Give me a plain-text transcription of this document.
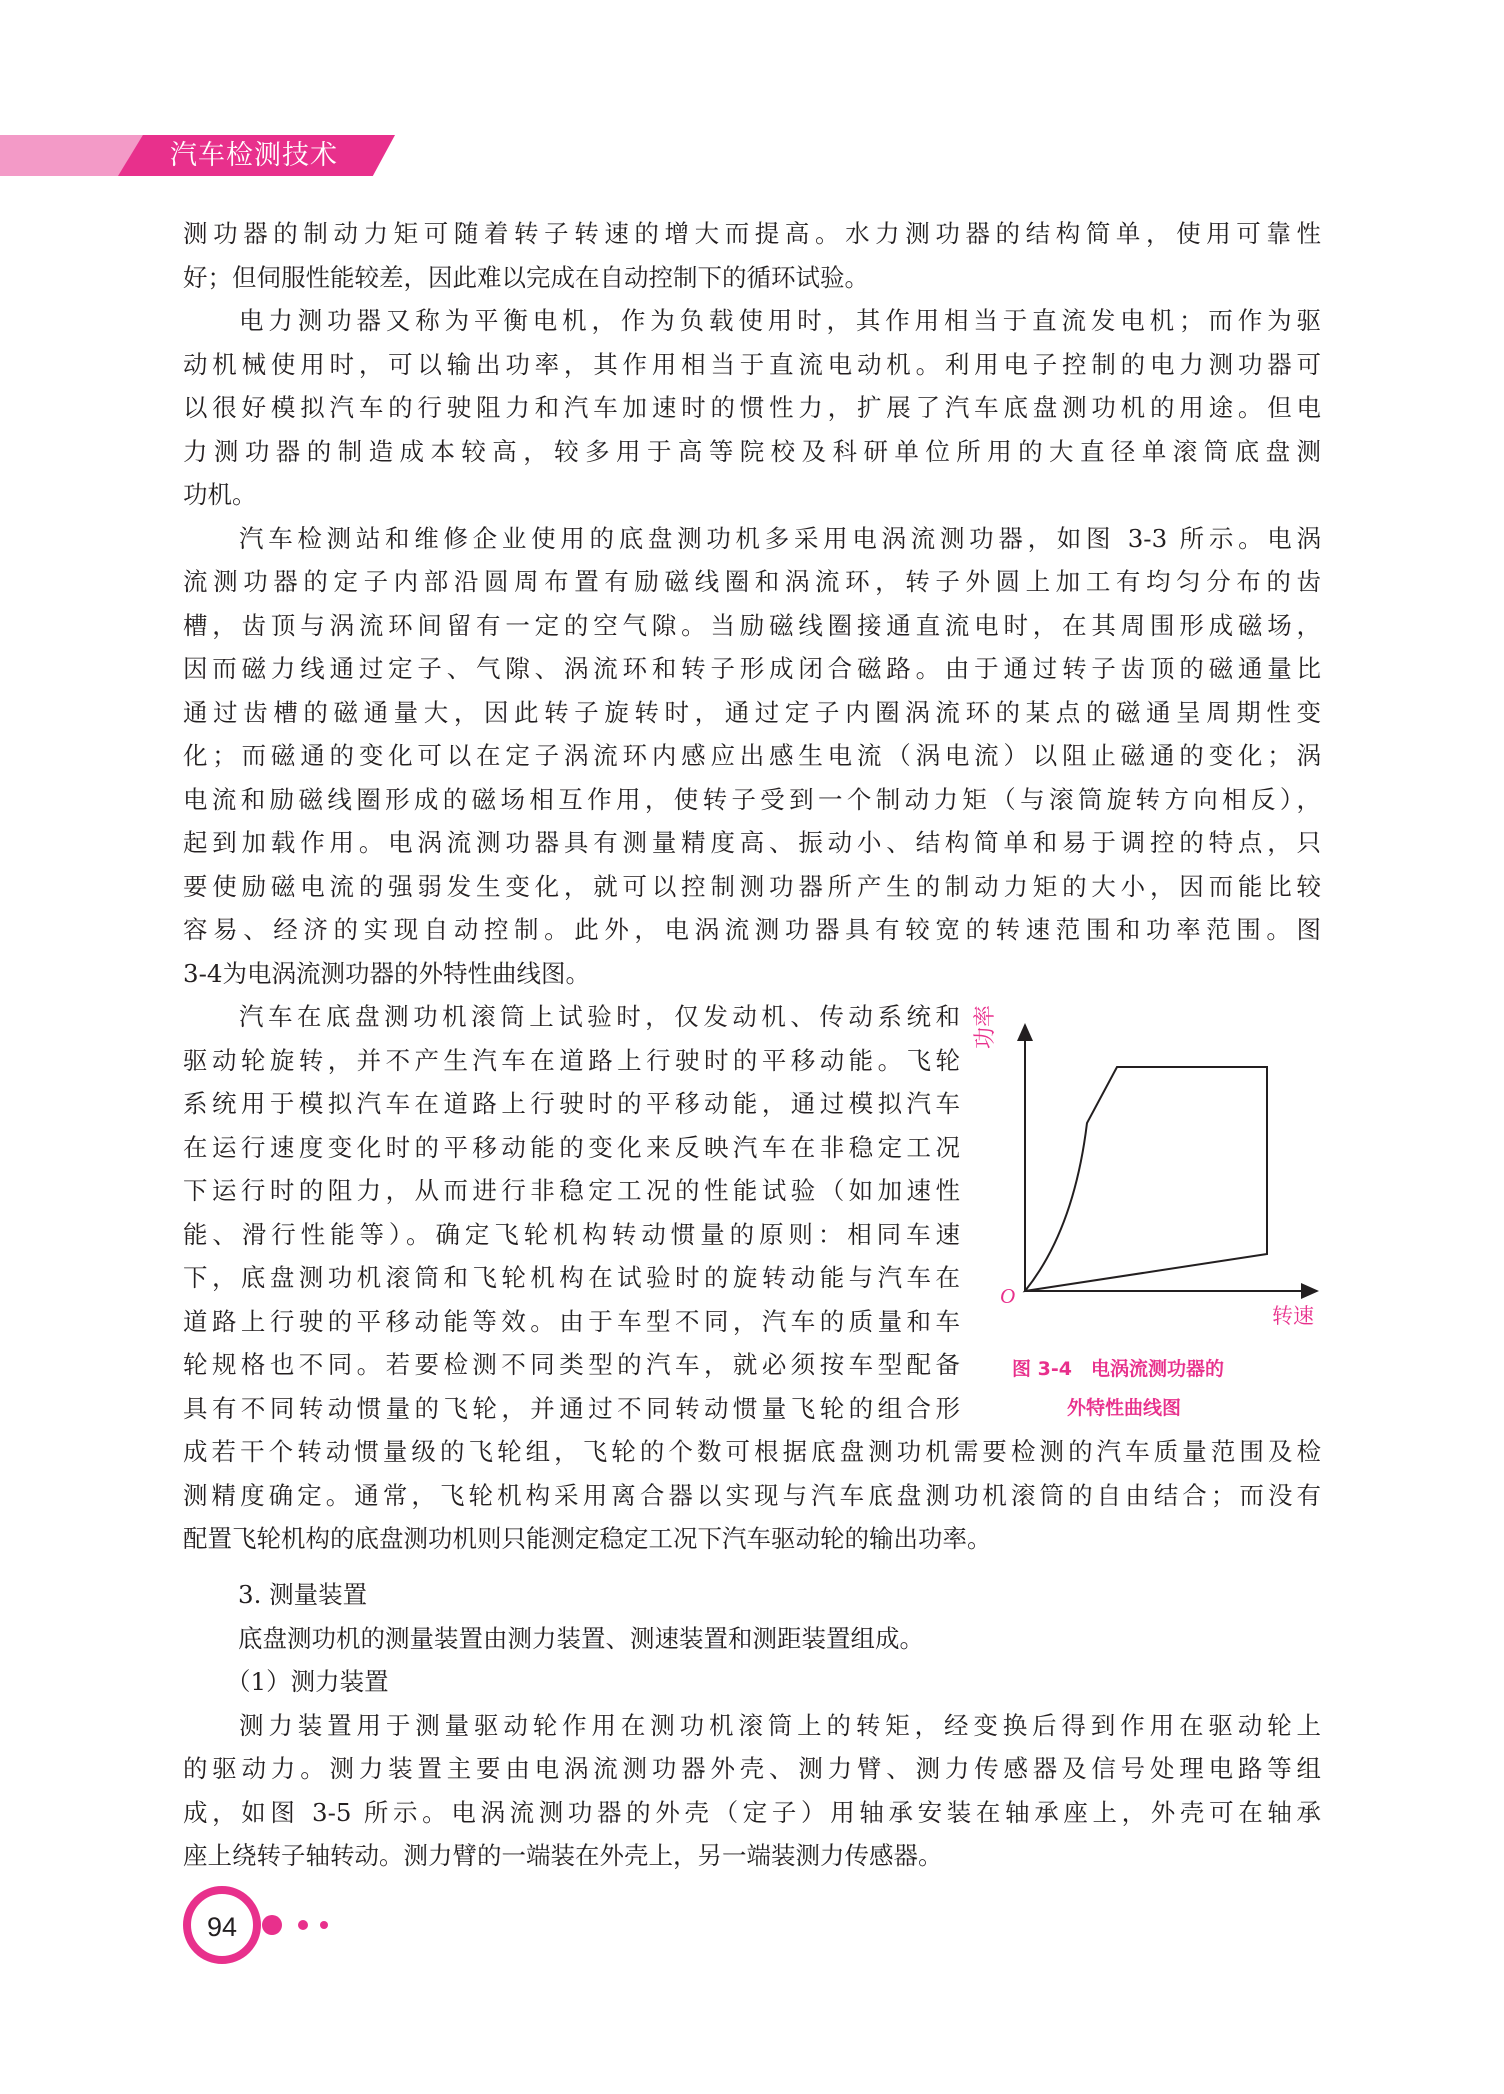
汽车检测技术
测功器的制动力矩可随着转子转速的增大而提高。水力测功器的结构简单，使用可靠性
好；但伺服性能较差，因此难以完成在自动控制下的循环试验。
电力测功器又称为平衡电机，作为负载使用时，其作用相当于直流发电机；而作为驱
动机械使用时，可以输出功率，其作用相当于直流电动机。利用电子控制的电力测功器可
以很好模拟汽车的行驶阻力和汽车加速时的惯性力，扩展了汽车底盘测功机的用途。但电
力测功器的制造成本较高，较多用于高等院校及科研单位所用的大直径单滚筒底盘测
功机。
汽车检测站和维修企业使用的底盘测功机多采用电涡流测功器，如图 3-3 所示。电涡
流测功器的定子内部沿圆周布置有励磁线圈和涡流环，转子外圆上加工有均匀分布的齿
槽，齿顶与涡流环间留有一定的空气隙。当励磁线圈接通直流电时，在其周围形成磁场，
因而磁力线通过定子、气隙、涡流环和转子形成闭合磁路。由于通过转子齿顶的磁通量比
通过齿槽的磁通量大，因此转子旋转时，通过定子内圈涡流环的某点的磁通呈周期性变
化；而磁通的变化可以在定子涡流环内感应出感生电流（涡电流）以阻止磁通的变化；涡
电流和励磁线圈形成的磁场相互作用，使转子受到一个制动力矩（与滚筒旋转方向相反），
起到加载作用。电涡流测功器具有测量精度高、振动小、结构简单和易于调控的特点，只
要使励磁电流的强弱发生变化，就可以控制测功器所产生的制动力矩的大小，因而能比较
容易、经济的实现自动控制。此外，电涡流测功器具有较宽的转速范围和功率范围。图
3-4为电涡流测功器的外特性曲线图。
汽车在底盘测功机滚筒上试验时，仅发动机、传动系统和
驱动轮旋转，并不产生汽车在道路上行驶时的平移动能。飞轮
系统用于模拟汽车在道路上行驶时的平移动能，通过模拟汽车
在运行速度变化时的平移动能的变化来反映汽车在非稳定工况
下运行时的阻力，从而进行非稳定工况的性能试验（如加速性
能、滑行性能等）。确定飞轮机构转动惯量的原则：相同车速
下，底盘测功机滚筒和飞轮机构在试验时的旋转动能与汽车在
道路上行驶的平移动能等效。由于车型不同，汽车的质量和车
轮规格也不同。若要检测不同类型的汽车，就必须按车型配备
具有不同转动惯量的飞轮，并通过不同转动惯量飞轮的组合形
成若干个转动惯量级的飞轮组，飞轮的个数可根据底盘测功机需要检测的汽车质量范围及检
测精度确定。通常，飞轮机构采用离合器以实现与汽车底盘测功机滚筒的自由结合；而没有
配置飞轮机构的底盘测功机则只能测定稳定工况下汽车驱动轮的输出功率。
3. 测量装置
底盘测功机的测量装置由测力装置、测速装置和测距装置组成。
（1）测力装置
测力装置用于测量驱动轮作用在测功机滚筒上的转矩，经变换后得到作用在驱动轮上
的驱动力。测力装置主要由电涡流测功器外壳、测力臂、测力传感器及信号处理电路等组
成，如图 3-5 所示。电涡流测功器的外壳（定子）用轴承安装在轴承座上，外壳可在轴承
座上绕转子轴转动。测力臂的一端装在外壳上，另一端装测力传感器。
功率
转速
O
图 3-4　电涡流测功器的
外特性曲线图
94
